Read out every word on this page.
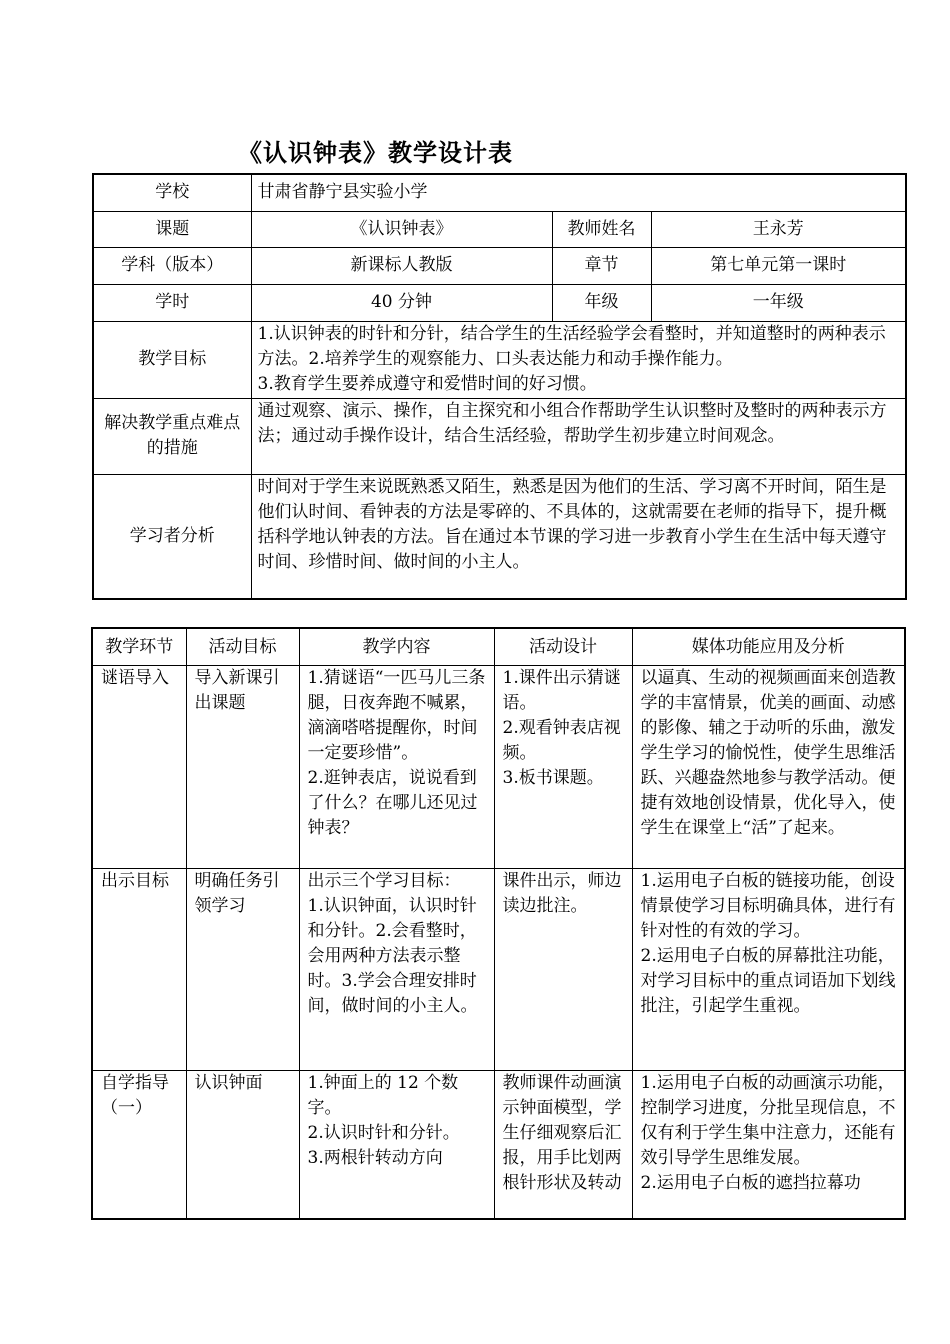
《认识钟表》教学设计表
学校	甘肃省静宁县实验小学		
课题	《认识钟表》	教师姓名	王永芳
学科（版本）	新课标人教版	章节	第七单元第一课时
学时	40 分钟	年级	一年级
教学目标	1.认识钟表的时针和分针，结合学生的生活经验学会看整时，并知道整时的两种表示方法。2.培养学生的观察能力、口头表达能力和动手操作能力。
3.教育学生要养成遵守和爱惜时间的好习惯。		

解决教学重点难点的措施	通过观察、演示、操作，自主探究和小组合作帮助学生认识整时及整时的两种表示方法；通过动手操作设计，结合生活经验，帮助学生初步建立时间观念。		
学习者分析	时间对于学生来说既熟悉又陌生，熟悉是因为他们的生活、学习离不开时间，陌生是他们认时间、看钟表的方法是零碎的、不具体的，这就需要在老师的指导下，提升概括科学地认钟表的方法。旨在通过本节课的学习进一步教育小学生在生活中每天遵守时间、珍惜时间、做时间的小主人。		
教学环节	活动目标	教学内容	活动设计	媒体功能应用及分析
谜语导入	导入新课引出课题	1.猜谜语“一匹马儿三条腿，日夜奔跑不喊累，滴滴嗒嗒提醒你，时间一定要珍惜”。
2.逛钟表店，说说看到了什么？在哪儿还见过钟表？	1.课件出示猜谜语。
2.观看钟表店视频。
3.板书课题。	以逼真、生动的视频画面来创造教学的丰富情景，优美的画面、动感的影像、辅之于动听的乐曲，激发学生学习的愉悦性，使学生思维活跃、兴趣盎然地参与教学活动。便捷有效地创设情景，优化导入，使学生在课堂上“活”了起来。

出示目标	明确任务引领学习	出示三个学习目标：
1.认识钟面，认识时针和分针。2.会看整时，会用两种方法表示整时。3.学会合理安排时间，做时间的小主人。	课件出示，师边读边批注。	1.运用电子白板的链接功能，创设情景使学习目标明确具体，进行有针对性的有效的学习。
2.运用电子白板的屏幕批注功能，对学习目标中的重点词语加下划线批注，引起学生重视。

自学指导（一）	认识钟面	1.钟面上的 12 个数字。
2.认识时针和分针。
3.两根针转动方向	教师课件动画演示钟面模型，学生仔细观察后汇报，用手比划两根针形状及转动	1.运用电子白板的动画演示功能，控制学习进度，分批呈现信息，不仅有利于学生集中注意力，还能有效引导学生思维发展。
2.运用电子白板的遮挡拉幕功
